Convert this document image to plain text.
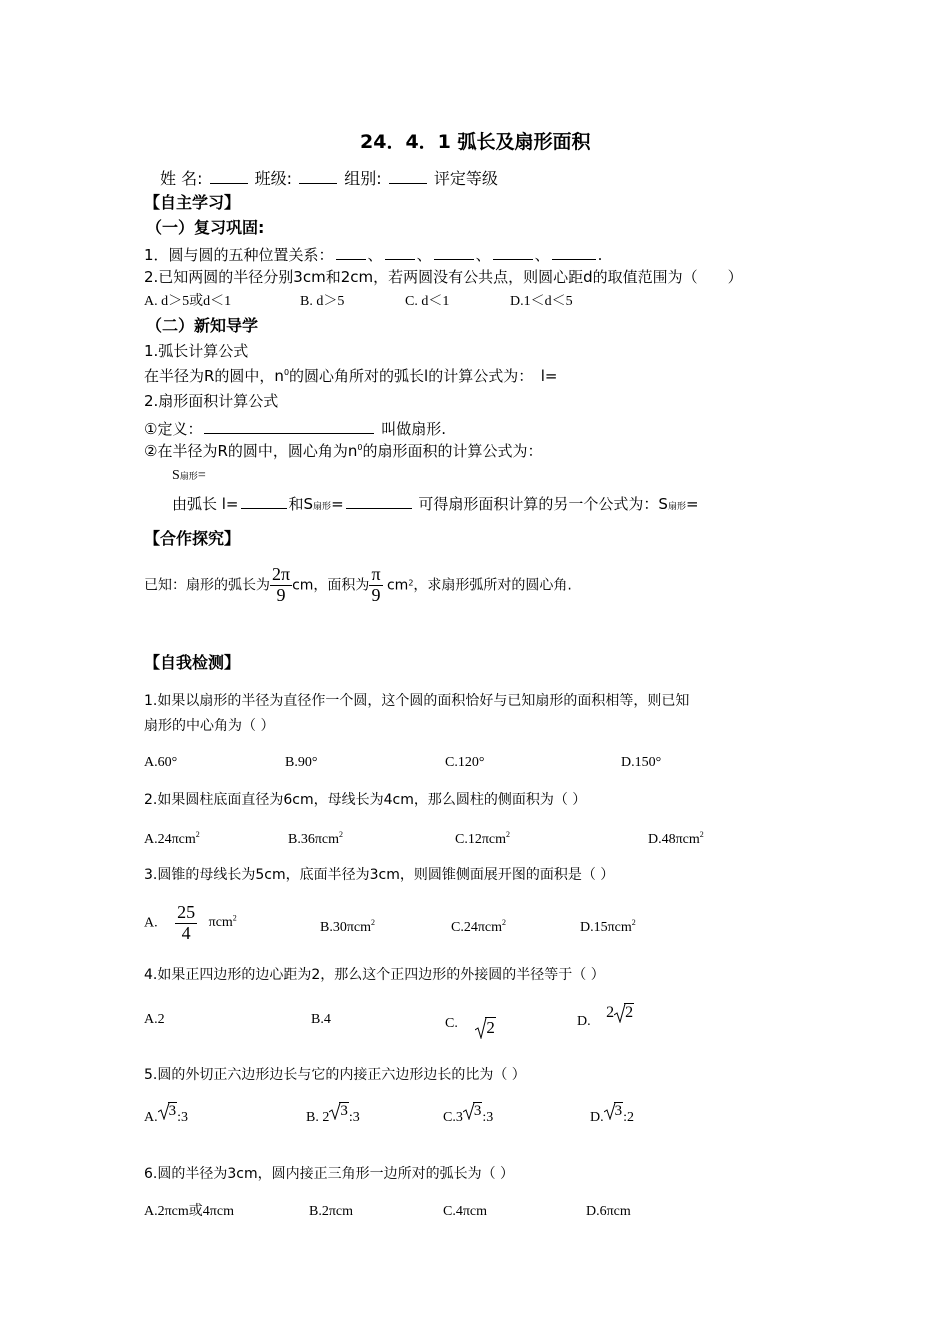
24．4．1 弧长及扇形面积
姓 名:	班级:	组别:	评定等级
【自主学习】
（一）复习巩固:
1．圆与圆的五种位置关系： 、 、	、	、	.
2.已知两圆的半径分别3cm和2cm，若两圆没有公共点，则圆心距d的取值范围为（　　）
A. d＞5或d＜1	B. d＞5	C. d＜1	D.1＜d＜5
（二）新知导学
1.弧长计算公式
在半径为R的圆中，$n^0$的圆心角所对的弧长l的计算公式为：　l=
2.扇形面积计算公式
①定义：	叫做扇形.
②在半径为R的圆中，圆心角为$n^0$的扇形面积的计算公式为：
S扇形=
由弧长 l=	和S扇形=	可得扇形面积计算的另一个公式为：S扇形=
【合作探究】
已知：扇形的弧长为 $\frac{2\pi}{9}$ cm，面积为 $\frac{\pi}{9} cm^2$，求扇形弧所对的圆心角.
【自我检测】
1.如果以扇形的半径为直径作一个圆，这个圆的面积恰好与已知扇形的面积相等，则已知
扇形的中心角为（ ）
A.60°	B.90°	C.120°	D.150°
2.如果圆柱底面直径为6cm，母线长为4cm，那么圆柱的侧面积为（ ）
A.24πcm$^2$	B.36πcm$^2$	C.12πcm$^2$	D.48πcm$^2$
3.圆锥的母线长为5cm，底面半径为3cm，则圆锥侧面展开图的面积是（ ）
A. $\frac{25}{4} \pi cm^2$
B.30πcm$^2$	C.24πcm$^2$	D.15πcm$^2$
4.如果正四边形的边心距为2，那么这个正四边形的外接圆的半径等于（ ）
A.2	B.4	C. 2	D. 2 2
5.圆的外切正六边形边长与它的内接正六边形边长的比为（ ）
A. 3:3	B. 2 3:3	C.3 3:3	D. 3:2
6.圆的半径为3cm，圆内接正三角形一边所对的弧长为（ ）
A.2πcm或4πcm	B.2πcm	C.4πcm	D.6πcm
